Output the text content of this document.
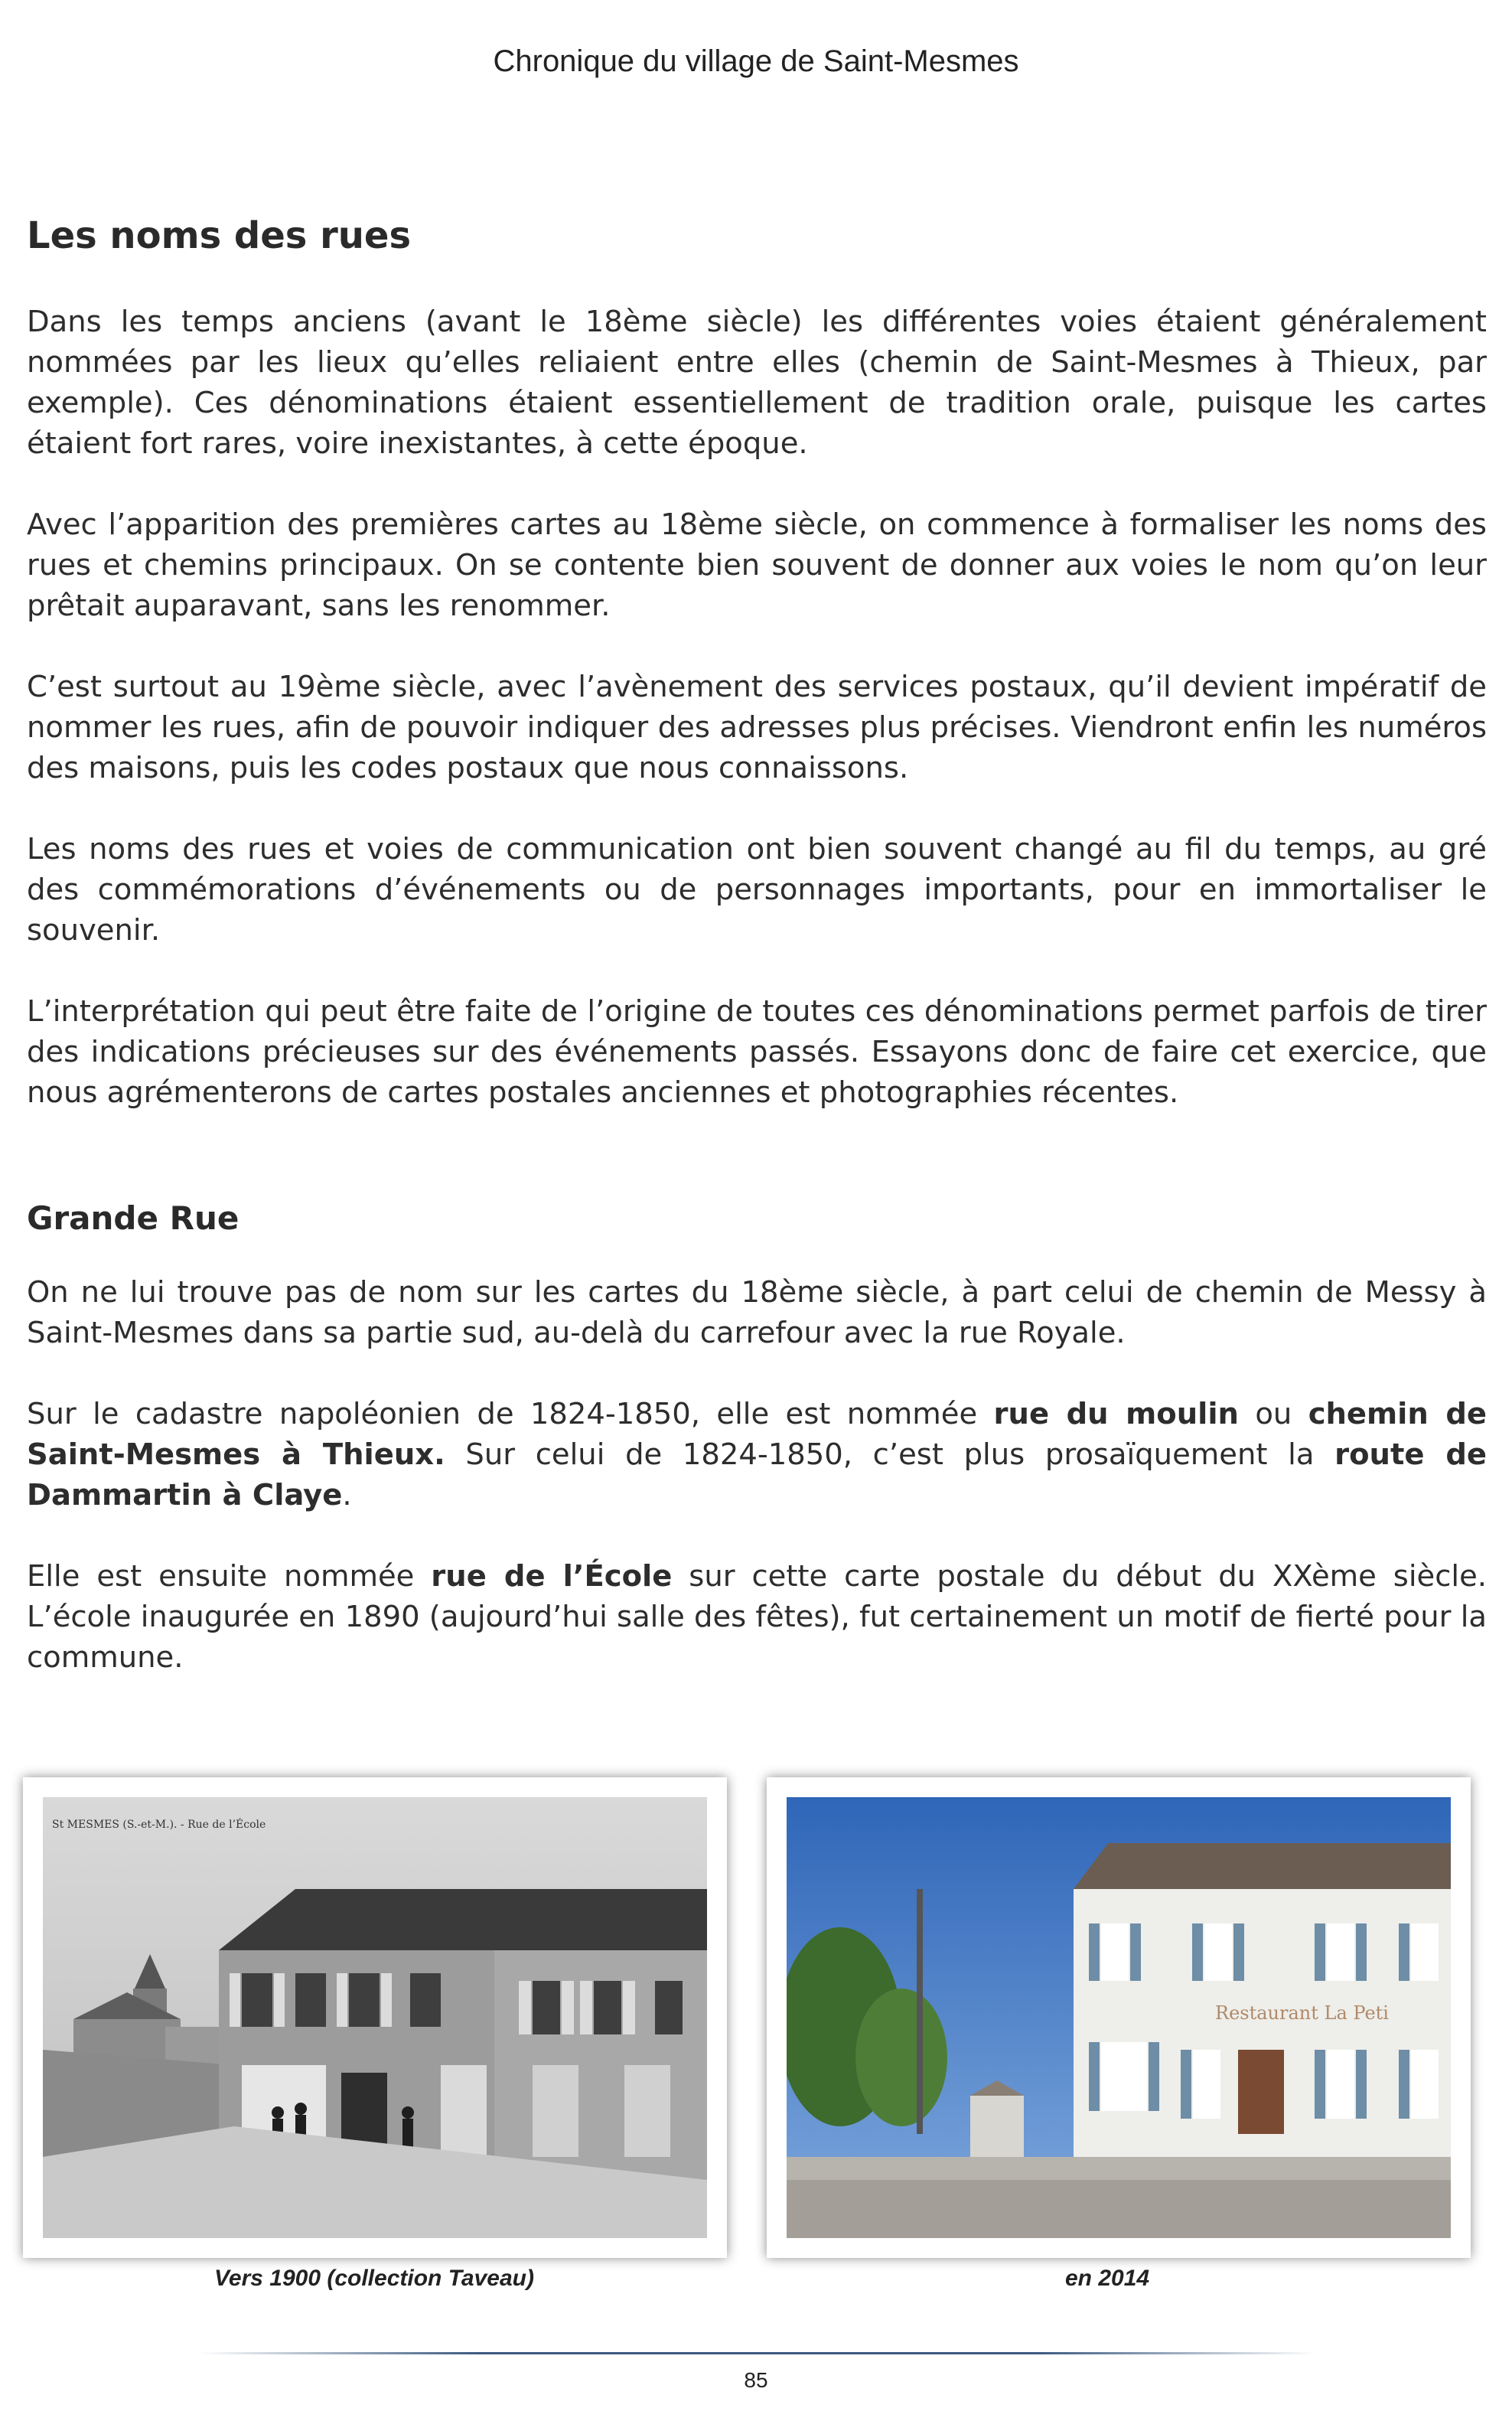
Chronique du village de Saint-Mesmes
Les noms des rues

Dans les temps anciens (avant le 18ème siècle) les différentes voies étaient généralement nommées par les lieux qu’elles reliaient entre elles (chemin de Saint-Mesmes à Thieux, par exemple). Ces dénominations étaient essentiellement de tradition orale, puisque les cartes étaient fort rares, voire inexistantes, à cette époque.

Avec l’apparition des premières cartes au 18ème siècle, on commence à formaliser les noms des rues et chemins principaux. On se contente bien souvent de donner aux voies le nom qu’on leur prêtait auparavant, sans les renommer.

C’est surtout au 19ème siècle, avec l’avènement des services postaux, qu’il devient impératif de nommer les rues, afin de pouvoir indiquer des adresses plus précises. Viendront enfin les numéros des maisons, puis les codes postaux que nous connaissons.

Les noms des rues et voies de communication ont bien souvent changé au fil du temps, au gré des commémorations d’événements ou de personnages importants, pour en immortaliser le souvenir.

L’interprétation qui peut être faite de l’origine de toutes ces dénominations permet parfois de tirer des indications précieuses sur des événements passés. Essayons donc de faire cet exercice, que nous agrémenterons de cartes postales anciennes et photographies récentes.

Grande Rue

On ne lui trouve pas de nom sur les cartes du 18ème siècle, à part celui de chemin de Messy à Saint-Mesmes dans sa partie sud, au-delà du carrefour avec la rue Royale.

Sur le cadastre napoléonien de 1824-1850, elle est nommée rue du moulin ou chemin de Saint-Mesmes à Thieux. Sur celui de 1824-1850, c’est plus prosaïquement la route de Dammartin à Claye.

Elle est ensuite nommée rue de l’École sur cette carte postale du début du XXème siècle. L’école inaugurée en 1890 (aujourd’hui salle des fêtes), fut certainement un motif de fierté pour la commune.

St MESMES (S.-et-M.). - Rue de l’École
Restaurant La Peti
Vers 1900 (collection Taveau)	en 2014
85
